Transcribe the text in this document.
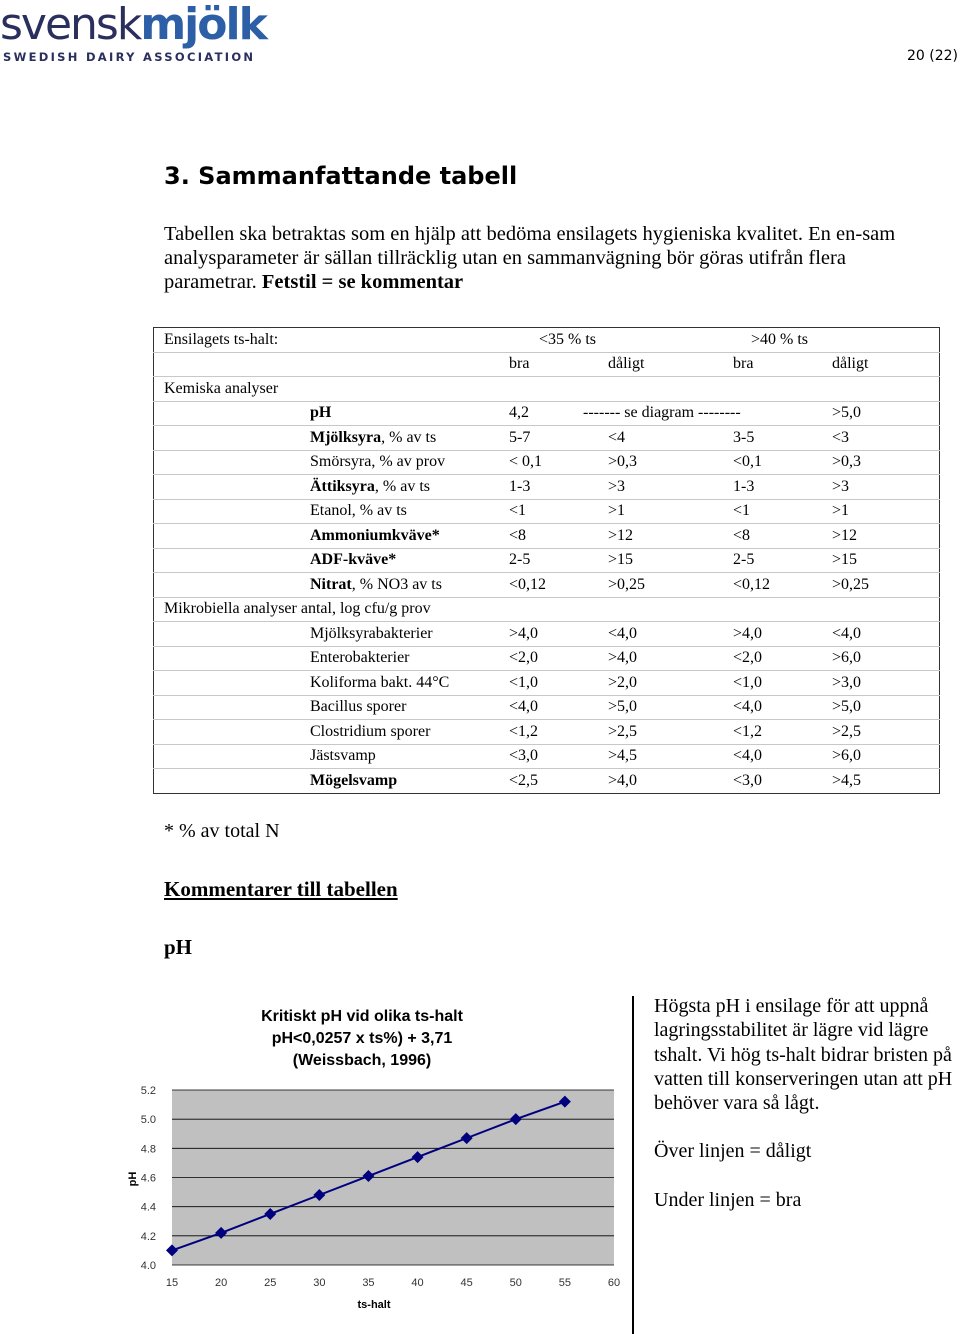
svenskmjölk
SWEDISH DAIRY ASSOCIATION	20 (22)
3. Sammanfattande tabell
Tabellen ska betraktas som en hjälp att bedöma ensilagets hygieniska kvalitet. En en-sam analysparameter är sällan tillräcklig utan en sammanvägning bör göras utifrån flera parametrar. Fetstil = se kommentar
Ensilagets ts-halt:		<35 % ts		>40 % ts	
		bra	dåligt	bra	dåligt
Kemiska analyser					
	pH	4,2	------- se diagram --------		>5,0
	Mjölksyra, % av ts	5-7	<4	3-5	<3
	Smörsyra, % av prov	< 0,1	>0,3	<0,1	>0,3
	Ättiksyra, % av ts	1-3	>3	1-3	>3
	Etanol, % av ts	<1	>1	<1	>1
	Ammoniumkväve*	<8	>12	<8	>12
	ADF-kväve*	2-5	>15	2-5	>15
	Nitrat, % NO3 av ts	<0,12	>0,25	<0,12	>0,25
Mikrobiella analyser antal, log cfu/g prov					
	Mjölksyrabakterier	>4,0	<4,0	>4,0	<4,0
	Enterobakterier	<2,0	>4,0	<2,0	>6,0
	Koliforma bakt. 44°C	<1,0	>2,0	<1,0	>3,0
	Bacillus sporer	<4,0	>5,0	<4,0	>5,0
	Clostridium sporer	<1,2	>2,5	<1,2	>2,5
	Jästsvamp	<3,0	>4,5	<4,0	>6,0
	Mögelsvamp	<2,5	>4,0	<3,0	>4,5
* % av total N
Kommentarer till tabellen
pH
Kritiskt pH vid olika ts-halt
pH<0,0257 x ts%) + 3,71
(Weissbach, 1996)
4.0
4.2
4.4
4.6
4.8
5.0
5.2
15	20	25	30	35	40	45	50	55	60
ts-halt
pH

Högsta pH i ensilage för att uppnå lagringsstabilitet är lägre vid lägre tshalt. Vi hög ts-halt bidrar bristen på vatten till konserveringen utan att pH behöver vara så lågt.

Över linjen = dåligt

Under linjen = bra
